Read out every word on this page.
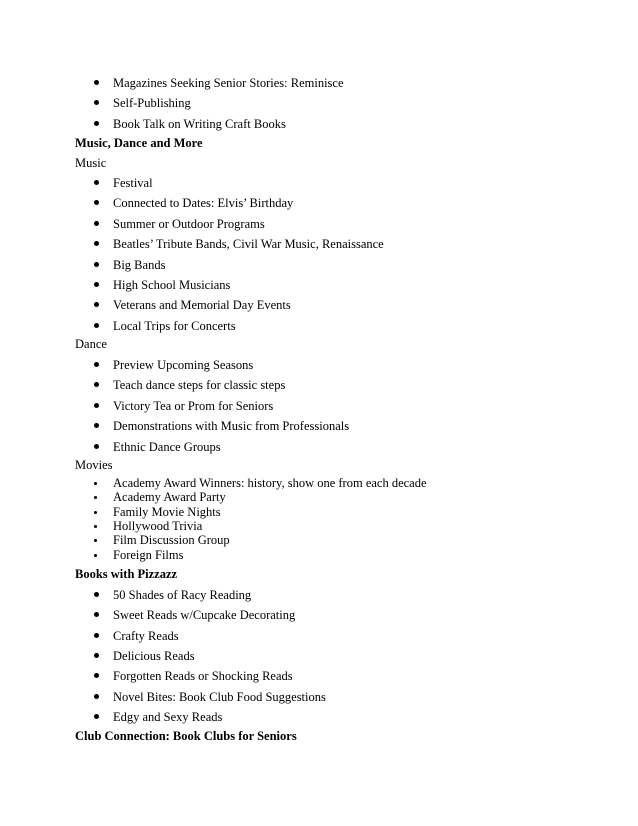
Magazines Seeking Senior Stories: Reminisce
Self-Publishing
Book Talk on Writing Craft Books
Music, Dance and More
Music
Festival
Connected to Dates: Elvis’ Birthday
Summer or Outdoor Programs
Beatles’ Tribute Bands, Civil War Music, Renaissance
Big Bands
High School Musicians
Veterans and Memorial Day Events
Local Trips for Concerts
Dance
Preview Upcoming Seasons
Teach dance steps for classic steps
Victory Tea or Prom for Seniors
Demonstrations with Music from Professionals
Ethnic Dance Groups
Movies
Academy Award Winners: history, show one from each decade
Academy Award Party
Family Movie Nights
Hollywood Trivia
Film Discussion Group
Foreign Films
Books with Pizzazz
50 Shades of Racy Reading
Sweet Reads w/Cupcake Decorating
Crafty Reads
Delicious Reads
Forgotten Reads or Shocking Reads
Novel Bites: Book Club Food Suggestions
Edgy and Sexy Reads
Club Connection: Book Clubs for Seniors
